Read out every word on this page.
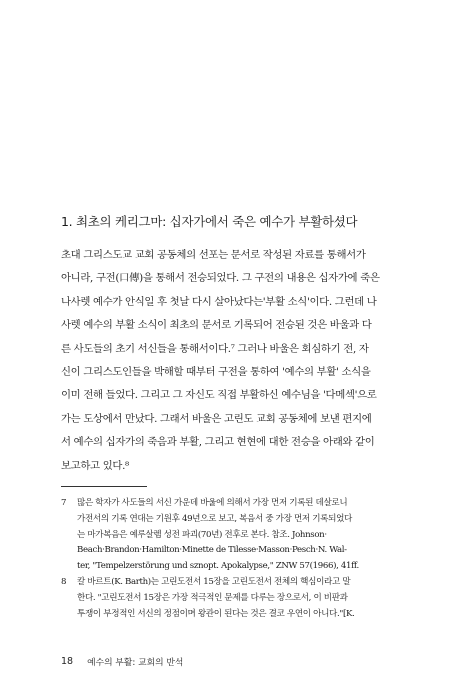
1. 최초의 케리그마: 십자가에서 죽은 예수가 부활하셨다
초대 그리스도교 교회 공동체의 선포는 문서로 작성된 자료를 통해서가
아니라, 구전(口傳)을 통해서 전승되었다. 그 구전의 내용은 십자가에 죽은
나사렛 예수가 안식일 후 첫날 다시 살아났다는'부활 소식'이다. 그런데 나
사렛 예수의 부활 소식이 최초의 문서로 기록되어 전승된 것은 바울과 다
른 사도들의 초기 서신들을 통해서이다.⁷ 그러나 바울은 회심하기 전, 자
신이 그리스도인들을 박해할 때부터 구전을 통하여 '예수의 부활' 소식을
이미 전해 들었다. 그리고 그 자신도 직접 부활하신 예수님을 '다메섹'으로
가는 도상에서 만났다. 그래서 바울은 고린도 교회 공동체에 보낸 편지에
서 예수의 십자가의 죽음과 부활, 그리고 현현에 대한 전승을 아래와 같이
보고하고 있다.⁸
7	많은 학자가 사도들의 서신 가운데 바울에 의해서 가장 먼저 기록된 데살로니
가전서의 기록 연대는 기원후 49년으로 보고, 복음서 중 가장 먼저 기록되었다
는 마가복음은 예루살렘 성전 파괴(70년) 전후로 본다. 참조. Johnson·
Beach·Brandon·Hamilton·Minette de Tilesse·Masson·Pesch·N. Wal-
ter, "Tempelzerstörung und sznopt. Apokalypse," ZNW 57(1966), 41ff.
8	칼 바르트(K. Barth)는 고린도전서 15장을 고린도전서 전체의 핵심이라고 말
한다. "고린도전서 15장은 가장 적극적인 문제를 다루는 장으로서, 이 비판과
투쟁이 부정적인 서신의 정점이며 왕관이 된다는 것은 결코 우연이 아니다."[K.
18 예수의 부활: 교회의 반석
